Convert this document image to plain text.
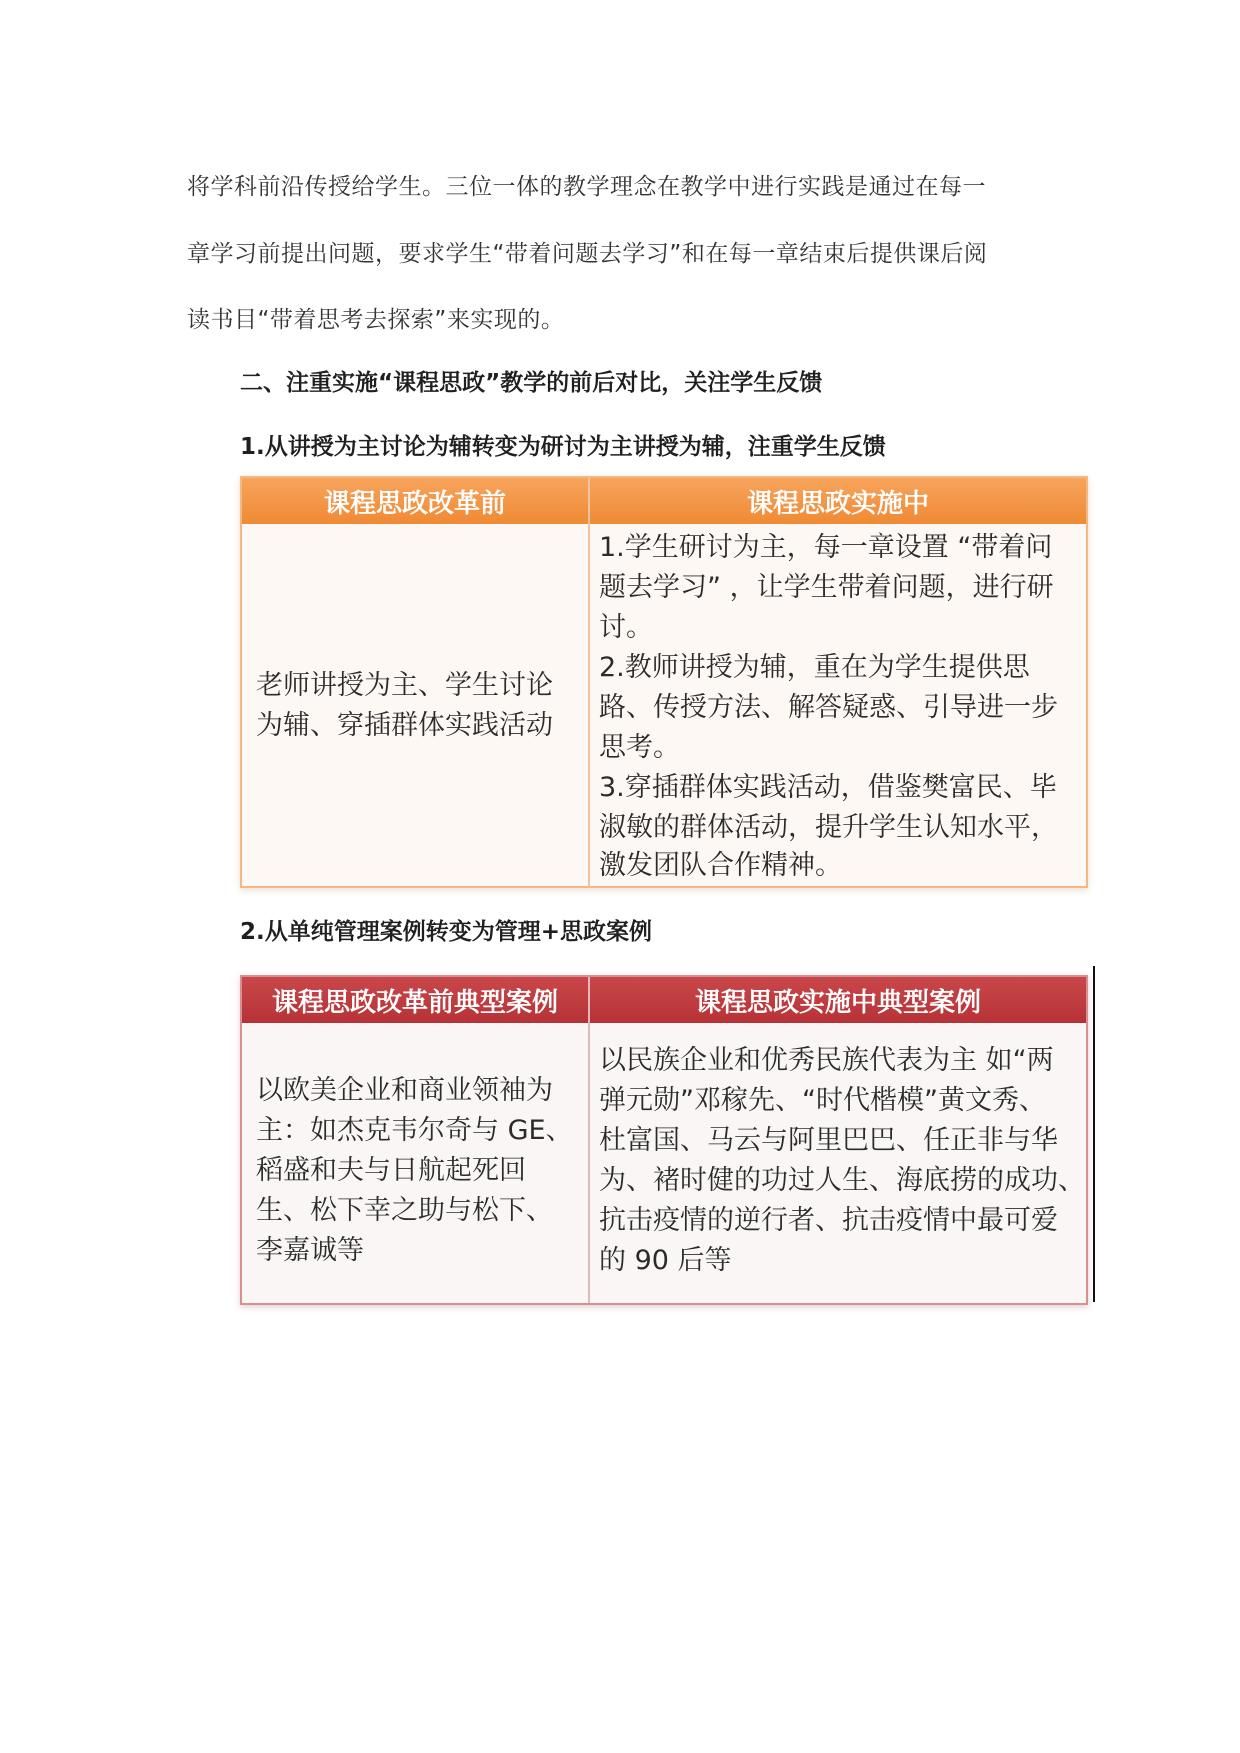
将学科前沿传授给学生。三位一体的教学理念在教学中进行实践是通过在每一
章学习前提出问题，要求学生“带着问题去学习”和在每一章结束后提供课后阅
读书目“带着思考去探索”来实现的。
二、注重实施“课程思政”教学的前后对比，关注学生反馈
1.从讲授为主讨论为辅转变为研讨为主讲授为辅，注重学生反馈
课程思政改革前	课程思政实施中
老师讲授为主、学生讨论
为辅、穿插群体实践活动
1.学生研讨为主，每一章设置 “带着问
题去学习” ，让学生带着问题，进行研
讨。
2.教师讲授为辅，重在为学生提供思
路、传授方法、解答疑惑、引导进一步
思考。
3.穿插群体实践活动，借鉴樊富民、毕
淑敏的群体活动，提升学生认知水平，
激发团队合作精神。
2.从单纯管理案例转变为管理+思政案例
课程思政改革前典型案例	课程思政实施中典型案例
以欧美企业和商业领袖为
主：如杰克韦尔奇与 GE、
稻盛和夫与日航起死回
生、松下幸之助与松下、
李嘉诚等
以民族企业和优秀民族代表为主 如“两
弹元勋”邓稼先、“时代楷模”黄文秀、
杜富国、马云与阿里巴巴、任正非与华
为、褚时健的功过人生、海底捞的成功、
抗击疫情的逆行者、抗击疫情中最可爱
的 90 后等
